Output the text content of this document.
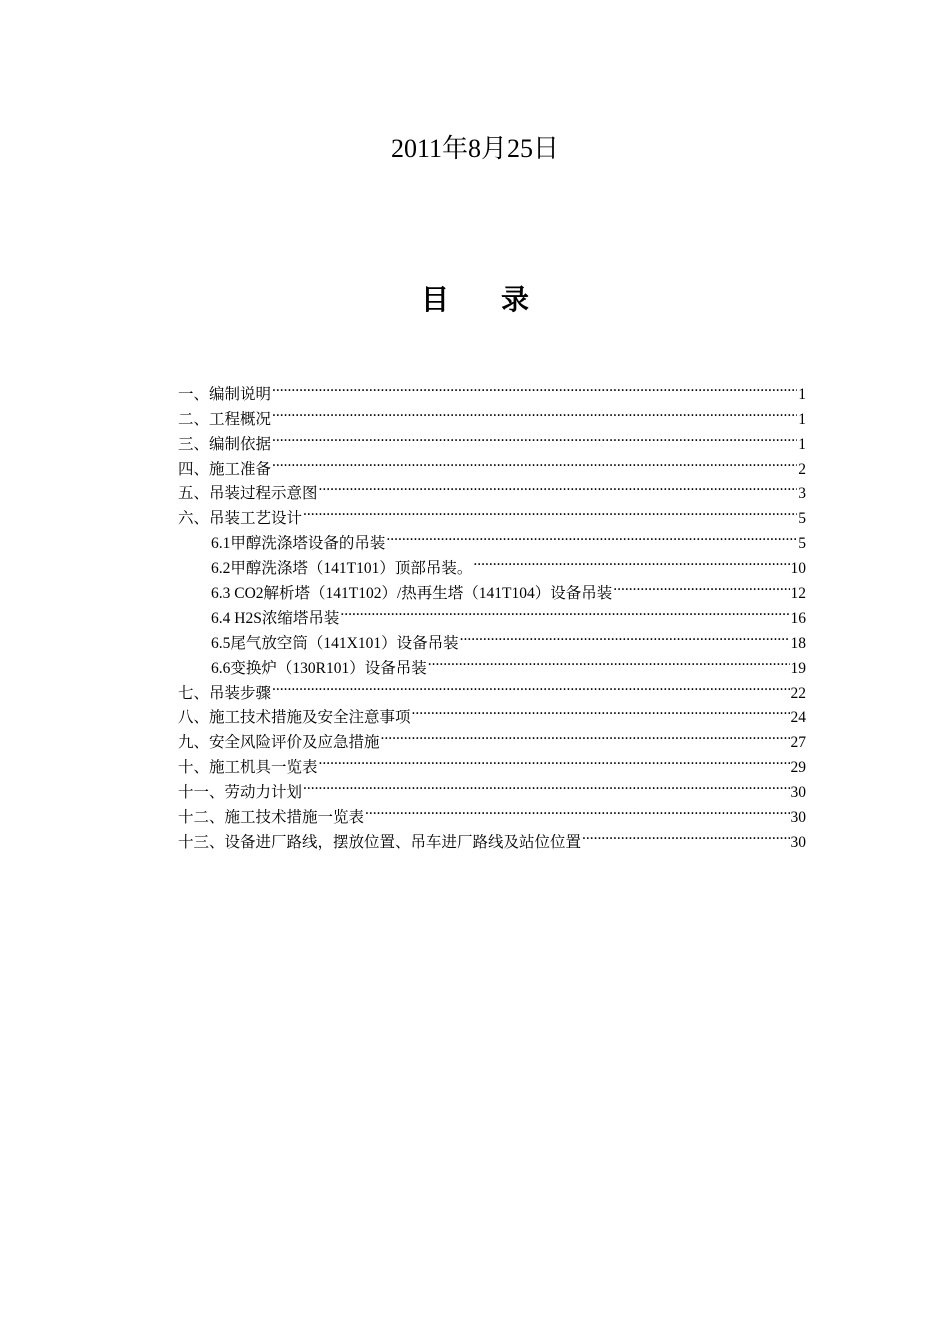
2011年8月25日
目 录
一、编制说明 .....	1
二、工程概况 .....	1
三、编制依据 .....	1
四、施工准备 .....	2
五、吊装过程示意图 .....	3
六、吊装工艺设计 .....	5
6.1甲醇洗涤塔设备的吊装 .....	5
6.2甲醇洗涤塔（141T101）顶部吊装。 .....	10
6.3 CO2解析塔（141T102）/热再生塔（141T104）设备吊装 .....	12
6.4 H2S浓缩塔吊装 .....	16
6.5尾气放空筒（141X101）设备吊装 .....	18
6.6变换炉（130R101）设备吊装 .....	19
七、吊装步骤 .....	22
八、施工技术措施及安全注意事项 .....	24
九、安全风险评价及应急措施 .....	27
十、施工机具一览表 .....	29
十一、劳动力计划 .....	30
十二、施工技术措施一览表 .....	30
十三、设备进厂路线，摆放位置、吊车进厂路线及站位位置 .....	30
